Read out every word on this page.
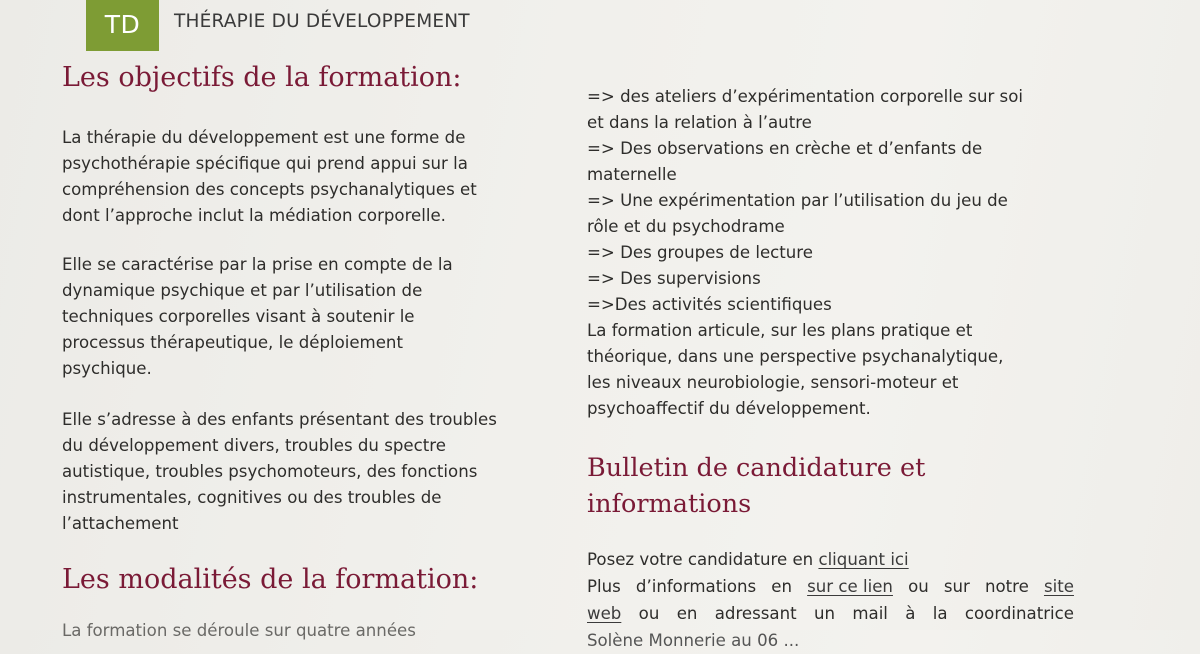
TD THÉRAPIE DU DÉVELOPPEMENT
Les objectifs de la formation:

La thérapie du développement est une forme de
psychothérapie spécifique qui prend appui sur la
compréhension des concepts psychanalytiques et
dont l’approche inclut la médiation corporelle.

Elle se caractérise par la prise en compte de la
dynamique psychique et par l’utilisation de
techniques corporelles visant à soutenir le
processus thérapeutique, le déploiement
psychique.

Elle s’adresse à des enfants présentant des troubles
du développement divers, troubles du spectre
autistique, troubles psychomoteurs, des fonctions
instrumentales, cognitives ou des troubles de
l’attachement

Les modalités de la formation:

La formation se déroule sur quatre années

=> des ateliers d’expérimentation corporelle sur soi
et dans la relation à l’autre
=> Des observations en crèche et d’enfants de
maternelle
=> Une expérimentation par l’utilisation du jeu de
rôle et du psychodrame
=> Des groupes de lecture
=> Des supervisions
=>Des activités scientifiques
La formation articule, sur les plans pratique et
théorique, dans une perspective psychanalytique,
les niveaux neurobiologie, sensori-moteur et
psychoaffectif du développement.
Bulletin de candidature et
informations
Posez votre candidature en cliquant ici
Plus d’informations en sur ce lien ou sur notre site
web ou en adressant un mail à la coordinatrice
Solène Monnerie au 06 ...
